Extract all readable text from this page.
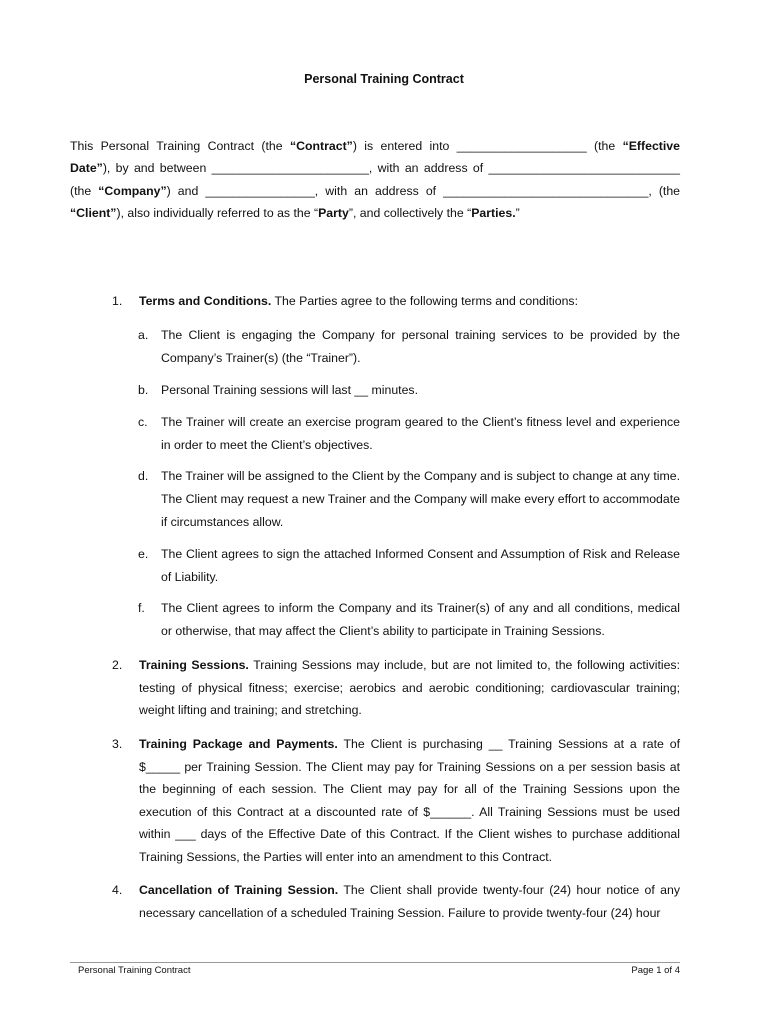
Personal Training Contract

This Personal Training Contract (the “Contract”) is entered into ___________________ (the “Effective Date”), by and between _______________________, with an address of ____________________________ (the “Company”) and ________________, with an address of ______________________________, (the “Client”), also individually referred to as the “Party”, and collectively the “Parties.”

1.	Terms and Conditions. The Parties agree to the following terms and conditions:
a.	The Client is engaging the Company for personal training services to be provided by the Company’s Trainer(s) (the “Trainer”).
b.	Personal Training sessions will last __ minutes.
c.	The Trainer will create an exercise program geared to the Client’s fitness level and experience in order to meet the Client’s objectives.
d.	The Trainer will be assigned to the Client by the Company and is subject to change at any time. The Client may request a new Trainer and the Company will make every effort to accommodate if circumstances allow.
e.	The Client agrees to sign the attached Informed Consent and Assumption of Risk and Release of Liability.
f.	The Client agrees to inform the Company and its Trainer(s) of any and all conditions, medical or otherwise, that may affect the Client’s ability to participate in Training Sessions.
2.	Training Sessions. Training Sessions may include, but are not limited to, the following activities: testing of physical fitness; exercise; aerobics and aerobic conditioning; cardiovascular training; weight lifting and training; and stretching.
3.	Training Package and Payments. The Client is purchasing __ Training Sessions at a rate of $_____ per Training Session. The Client may pay for Training Sessions on a per session basis at the beginning of each session. The Client may pay for all of the Training Sessions upon the execution of this Contract at a discounted rate of $______. All Training Sessions must be used within ___ days of the Effective Date of this Contract. If the Client wishes to purchase additional Training Sessions, the Parties will enter into an amendment to this Contract.
4.	Cancellation of Training Session. The Client shall provide twenty-four (24) hour notice of any necessary cancellation of a scheduled Training Session. Failure to provide twenty-four (24) hour
Personal Training Contract	Page 1 of 4
